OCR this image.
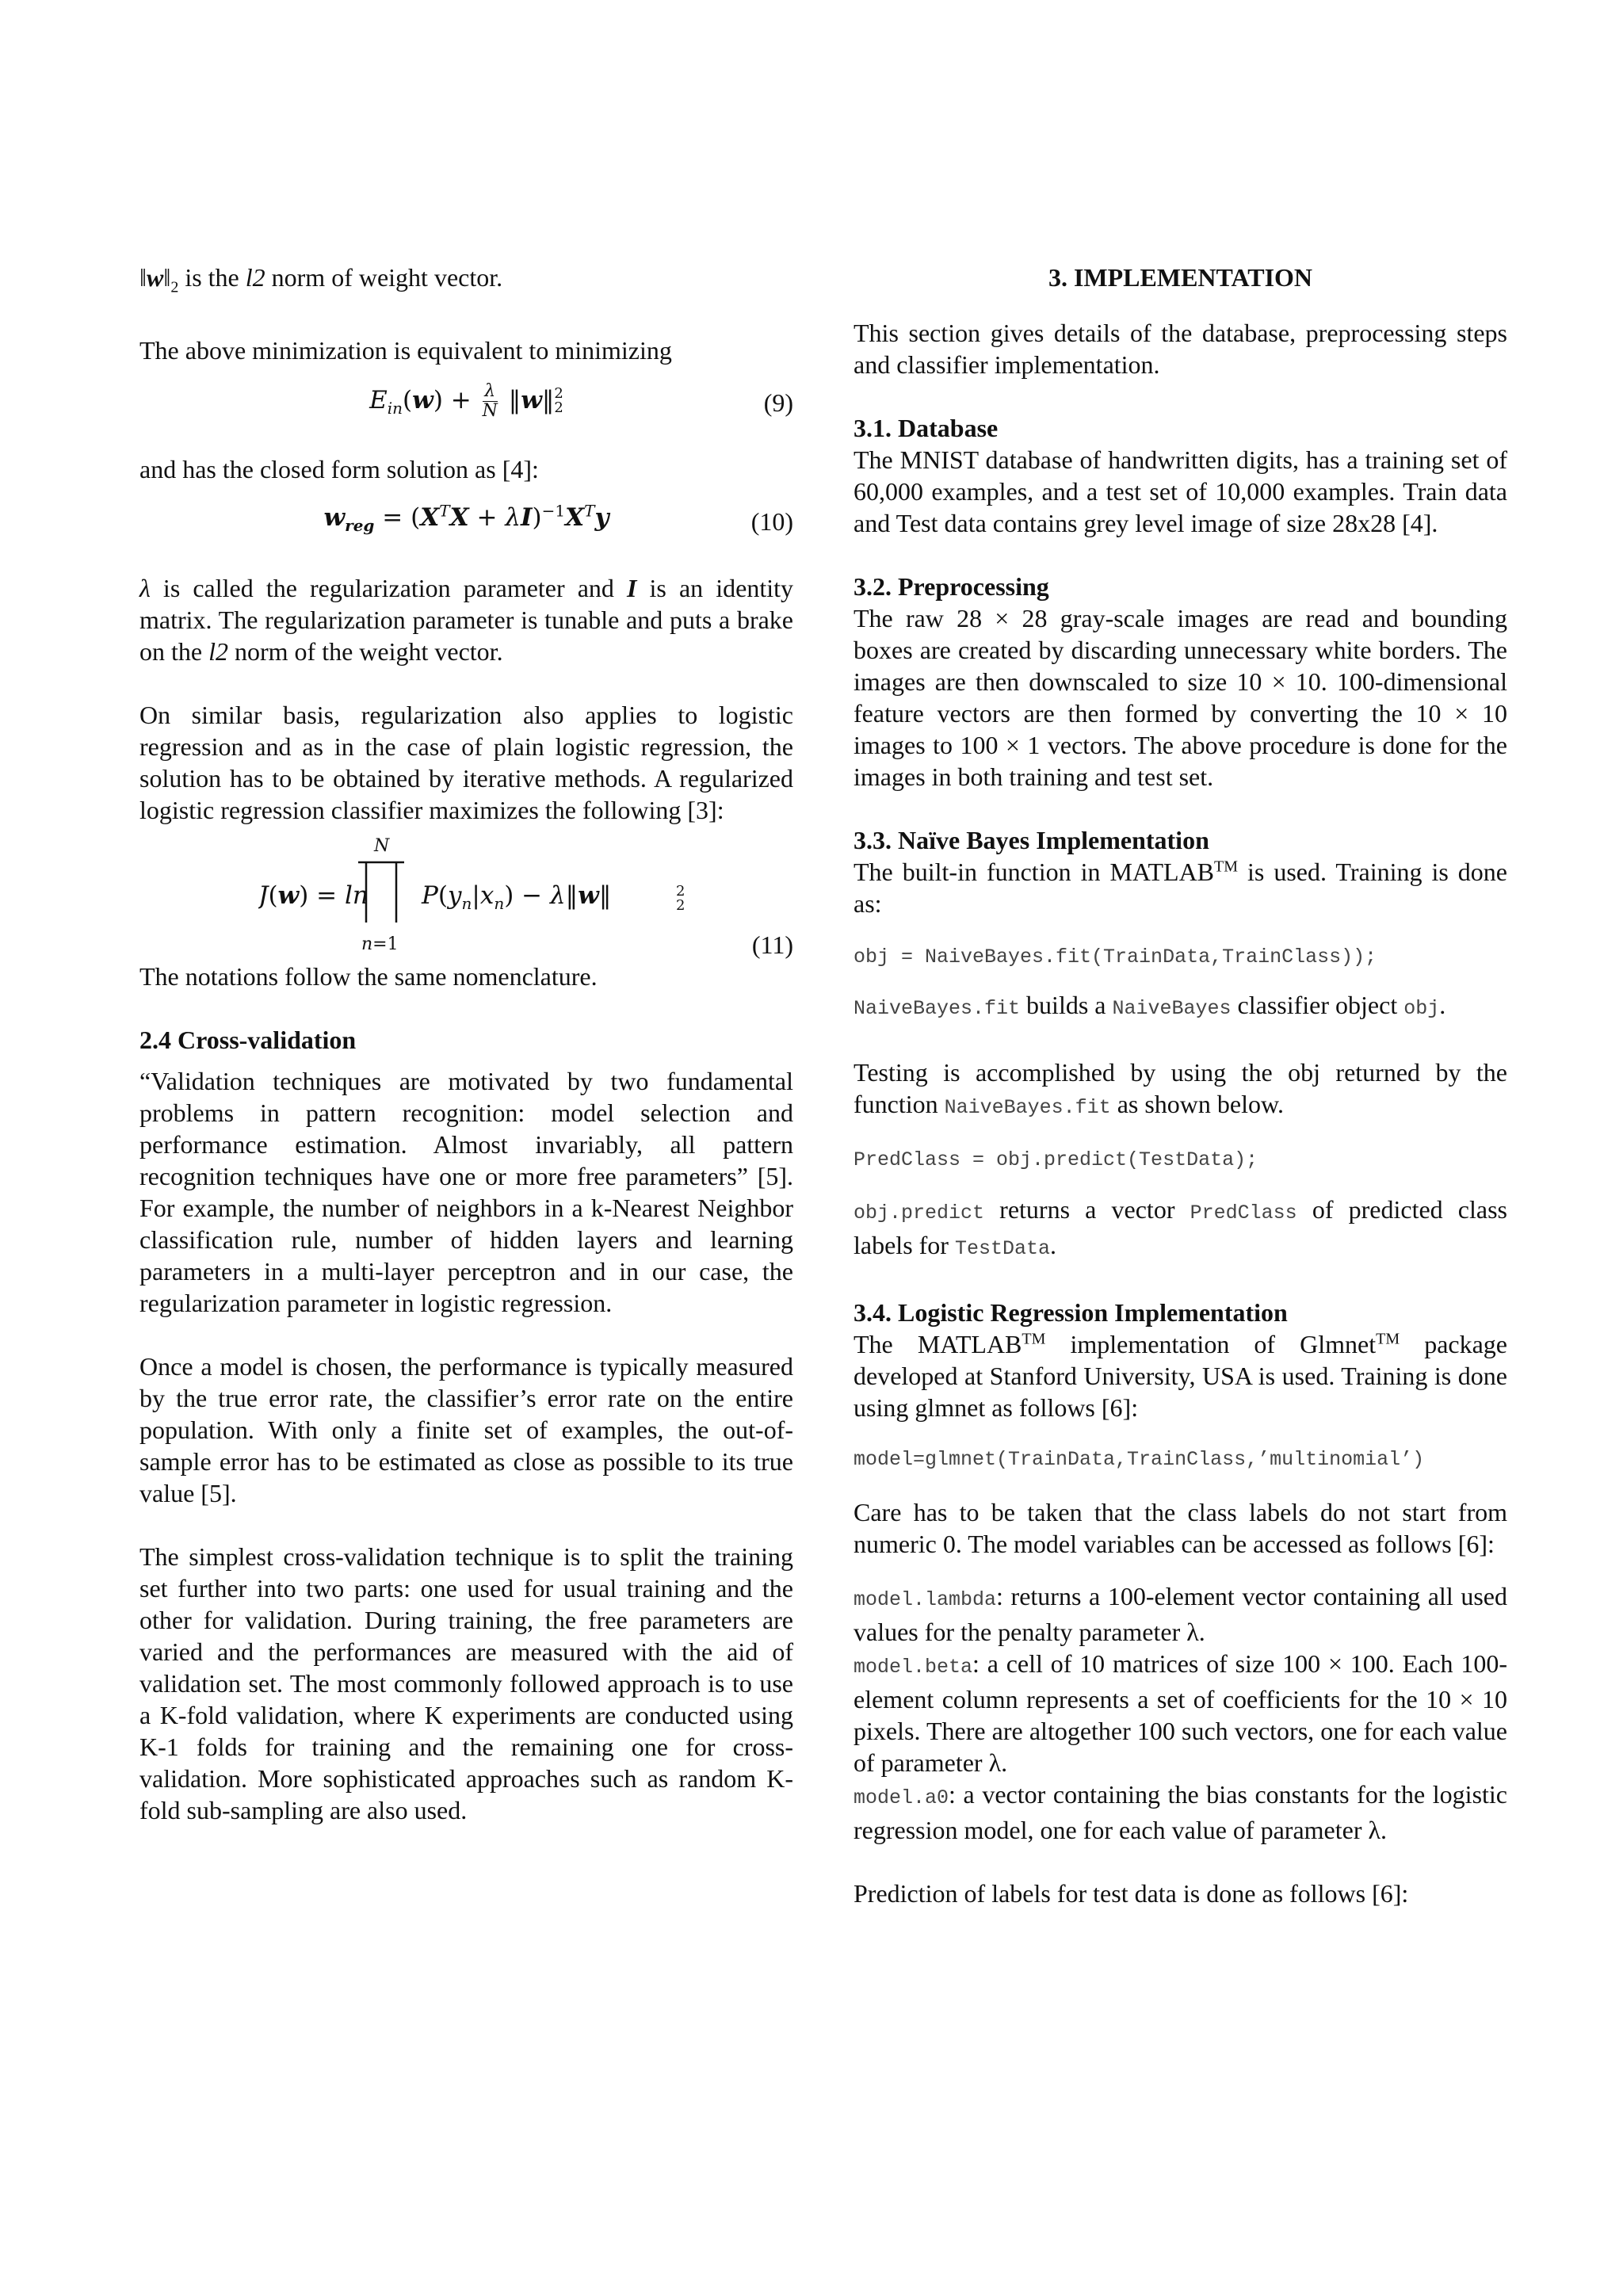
$‖w‖_2$ is the l2 norm of weight vector.

The above minimization is equivalent to minimizing

$E_{in}(w) + \frac{\lambda}{N}$ ‖w‖ 2
2	(9)

and has the closed form solution as [4]:

$w_{reg} = (X^TX + \lambda I)^{-1}X^Ty$	(10)

λ is called the regularization parameter and I is an identity matrix. The regularization parameter is tunable and puts a brake on the l2 norm of the weight vector.

On similar basis, regularization also applies to logistic regression and as in the case of plain logistic regression, the solution has to be obtained by iterative methods. A regularized logistic regression classifier maximizes the following [3]:

J(w) = ln
N
n=1
$P(y_n|x_n)$ − λ‖w‖	2
2
(11)

The notations follow the same nomenclature.

2.4 Cross-validation

“Validation techniques are motivated by two fundamental problems in pattern recognition: model selection and performance estimation. Almost invariably, all pattern recognition techniques have one or more free parameters” [5]. For example, the number of neighbors in a k-Nearest Neighbor classification rule, number of hidden layers and learning parameters in a multi-layer perceptron and in our case, the regularization parameter in logistic regression.

Once a model is chosen, the performance is typically measured by the true error rate, the classifier’s error rate on the entire population. With only a finite set of examples, the out-of-sample error has to be estimated as close as possible to its true value [5].

The simplest cross-validation technique is to split the training set further into two parts: one used for usual training and the other for validation. During training, the free parameters are varied and the performances are measured with the aid of validation set. The most commonly followed approach is to use a K-fold validation, where K experiments are conducted using K-1 folds for training and the remaining one for cross-validation. More sophisticated approaches such as random K-fold sub-sampling are also used.

3. IMPLEMENTATION

This section gives details of the database, preprocessing steps and classifier implementation.

3.1. Database

The MNIST database of handwritten digits, has a training set of 60,000 examples, and a test set of 10,000 examples. Train data and Test data contains grey level image of size 28x28 [4].

3.2. Preprocessing

The raw 28 × 28 gray-scale images are read and bounding boxes are created by discarding unnecessary white borders. The images are then downscaled to size 10 × 10. 100-dimensional feature vectors are then formed by converting the 10 × 10 images to 100 × 1 vectors. The above procedure is done for the images in both training and test set.

3.3. Naïve Bayes Implementation

The built-in function in MATLAB™ is used. Training is done as:

obj = NaiveBayes.fit(TrainData,TrainClass));

NaiveBayes.fit builds a NaiveBayes classifier object obj.

Testing is accomplished by using the obj returned by the function NaiveBayes.fit as shown below.

PredClass = obj.predict(TestData);

obj.predict returns a vector PredClass of predicted class labels for TestData.

3.4. Logistic Regression Implementation

The MATLAB™ implementation of Glmnet™ package developed at Stanford University, USA is used. Training is done using glmnet as follows [6]:

model=glmnet(TrainData,TrainClass,’multinomial’)

Care has to be taken that the class labels do not start from numeric 0. The model variables can be accessed as follows [6]:

model.lambda: returns a 100-element vector containing all used values for the penalty parameter λ.

model.beta: a cell of 10 matrices of size 100 × 100. Each 100-element column represents a set of coefficients for the 10 × 10 pixels. There are altogether 100 such vectors, one for each value of parameter λ.

model.a0: a vector containing the bias constants for the logistic regression model, one for each value of parameter λ.

Prediction of labels for test data is done as follows [6]:
